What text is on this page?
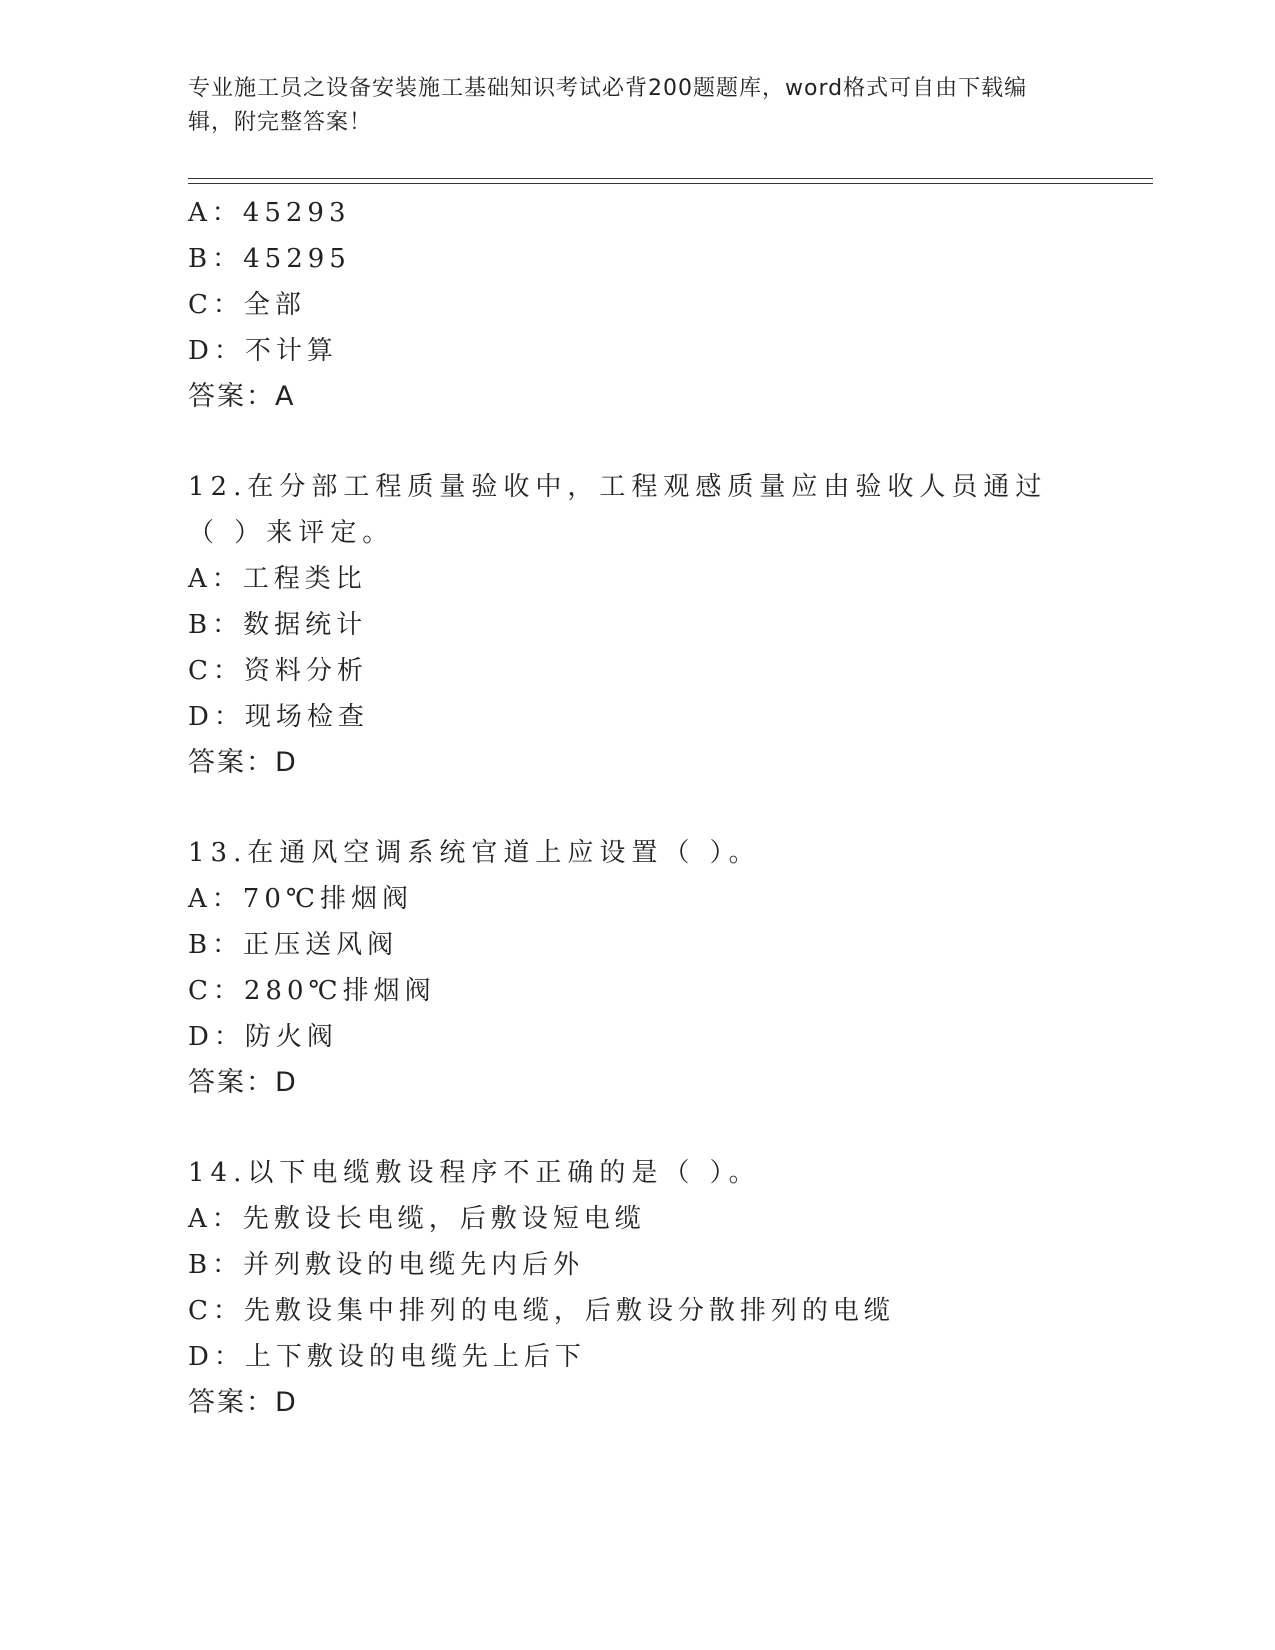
专业施工员之设备安装施工基础知识考试必背200题题库，word格式可自由下载编辑，附完整答案！
A：45293
B：45295
C：全部
D：不计算
答案：A
12.在分部工程质量验收中，工程观感质量应由验收人员通过（ ）来评定。
A：工程类比
B：数据统计
C：资料分析
D：现场检查
答案：D
13.在通风空调系统官道上应设置（ ）。
A：70℃排烟阀
B：正压送风阀
C：280℃排烟阀
D：防火阀
答案：D
14.以下电缆敷设程序不正确的是（ ）。
A：先敷设长电缆，后敷设短电缆
B：并列敷设的电缆先内后外
C：先敷设集中排列的电缆，后敷设分散排列的电缆
D：上下敷设的电缆先上后下
答案：D
